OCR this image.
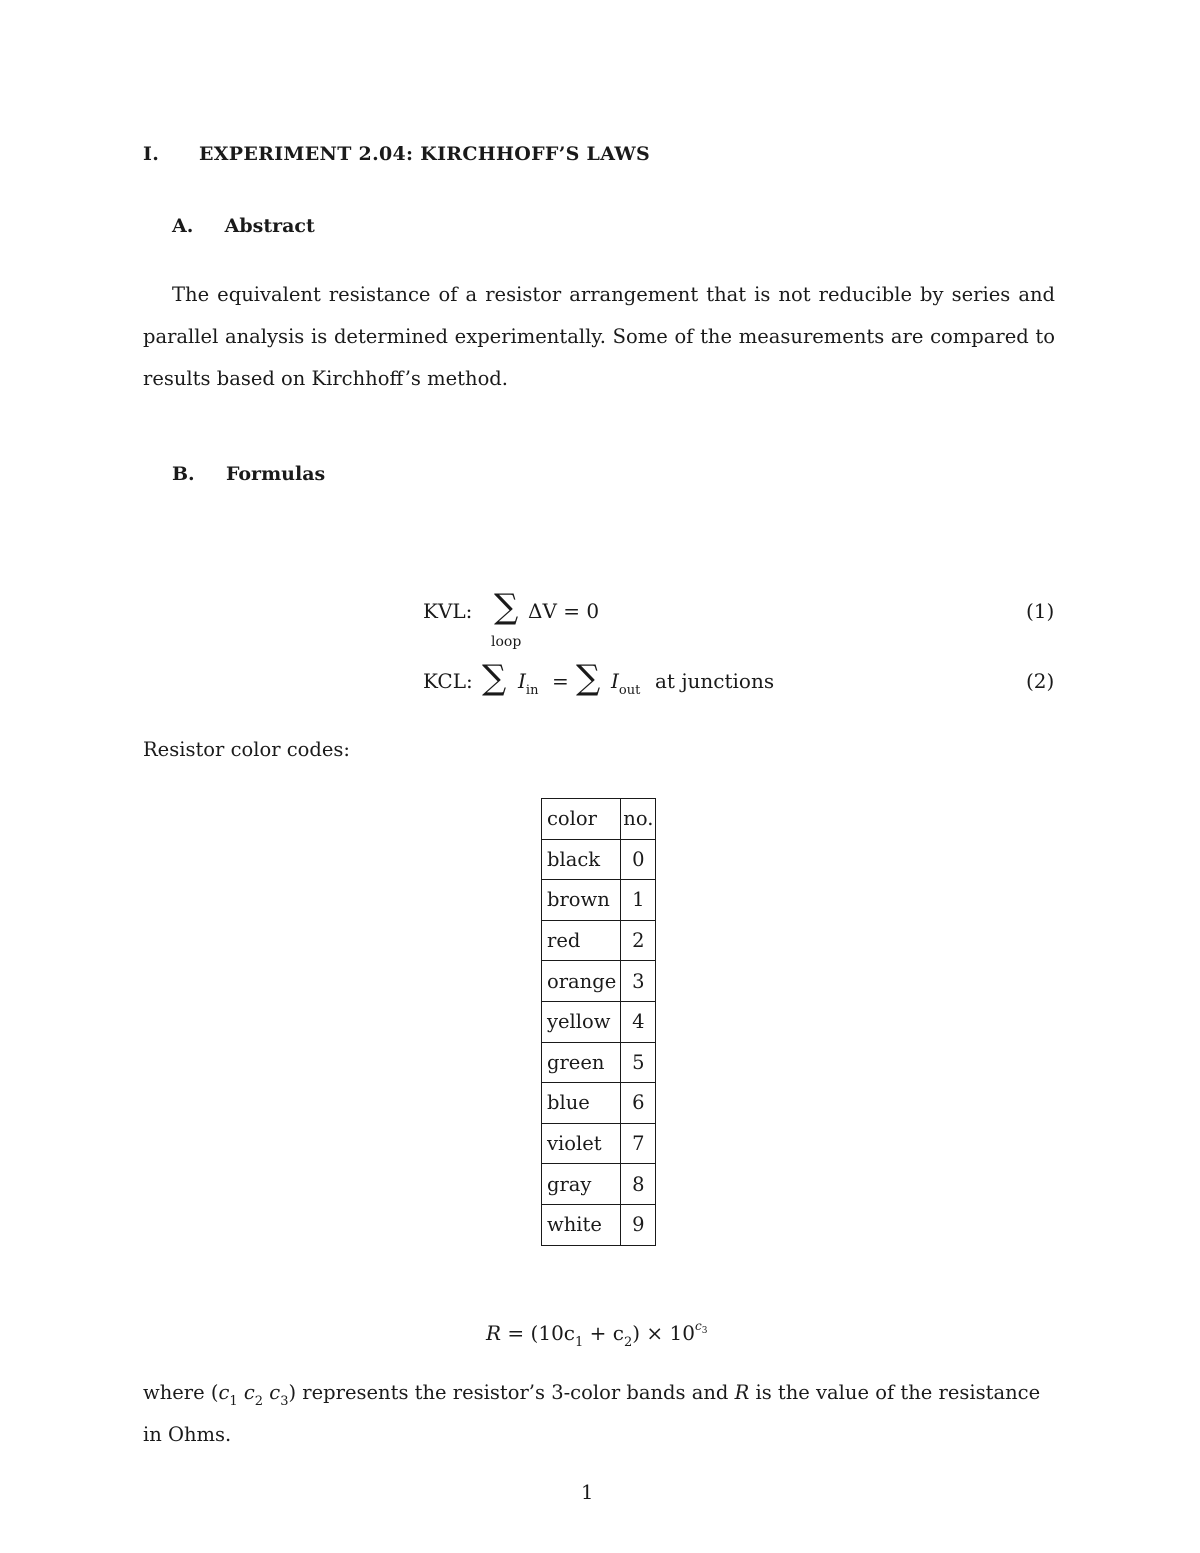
I. EXPERIMENT 2.04: KIRCHHOFF’S LAWS
A. Abstract
The equivalent resistance of a resistor arrangement that is not reducible by series and parallel analysis is determined experimentally. Some of the measurements are compared to results based on Kirchhoff’s method.
B. Formulas
KVL: ∑
loop
ΔV = 0	(1)
KCL: ∑ $I_{in}$ = ∑ $I_{out}$ at junctions	(2)
Resistor color codes:
color	no.
black	0
brown	1
red	2
orange	3
yellow	4
green	5
blue	6
violet	7
gray	8
white	9
$R = (10c_1 + c_2) \times 10^{c3}$
where ($c_1$ $c_2$ $c_3$) represents the resistor’s 3-color bands and R is the value of the resistance
in Ohms.
1
